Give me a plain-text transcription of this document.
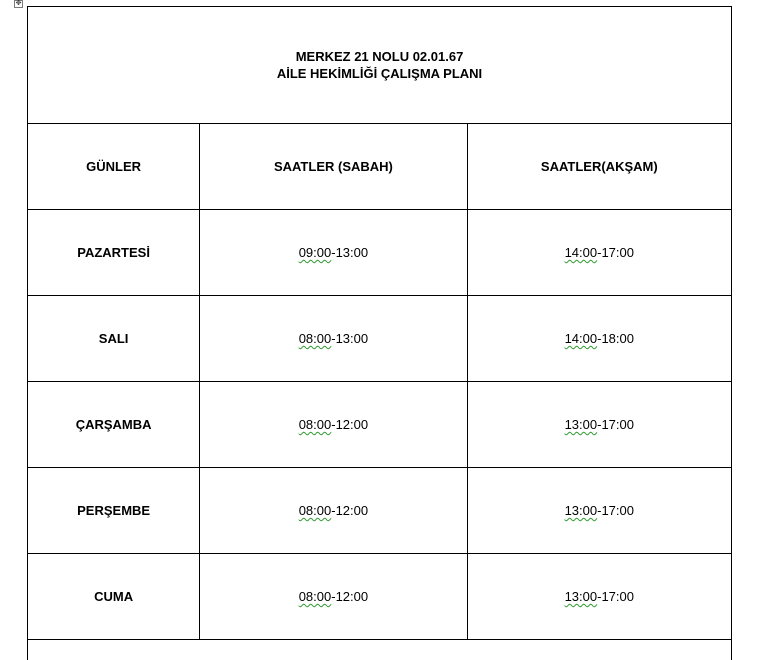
✥
MERKEZ 21 NOLU 02.01.67
AİLE HEKİMLİĞİ ÇALIŞMA PLANI		

GÜNLER	SAATLER (SABAH)	SAATLER(AKŞAM)
PAZARTESİ	09:00-13:00	14:00-17:00
SALI	08:00-13:00	14:00-18:00
ÇARŞAMBA	08:00-12:00	13:00-17:00
PERŞEMBE	08:00-12:00	13:00-17:00
CUMA	08:00-12:00	13:00-17:00
